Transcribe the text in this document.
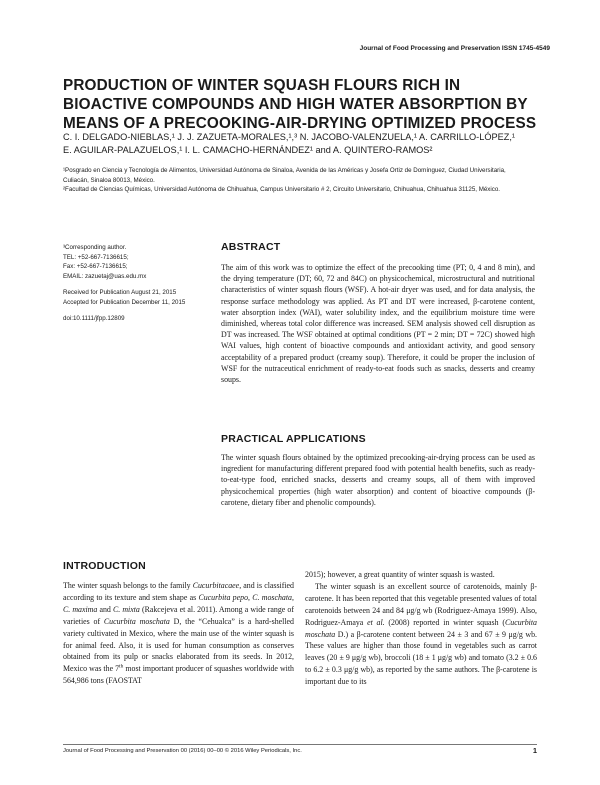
Journal of Food Processing and Preservation ISSN 1745-4549
PRODUCTION OF WINTER SQUASH FLOURS RICH IN BIOACTIVE COMPOUNDS AND HIGH WATER ABSORPTION BY MEANS OF A PRECOOKING-AIR-DRYING OPTIMIZED PROCESS
C. I. DELGADO-NIEBLAS,¹ J. J. ZAZUETA-MORALES,¹,³ N. JACOBO-VALENZUELA,¹ A. CARRILLO-LÓPEZ,¹
E. AGUILAR-PALAZUELOS,¹ I. L. CAMACHO-HERNÁNDEZ¹ and A. QUINTERO-RAMOS²

¹Posgrado en Ciencia y Tecnología de Alimentos, Universidad Autónoma de Sinaloa, Avenida de las Américas y Josefa Ortiz de Domínguez, Ciudad Universitaria, Culiacán, Sinaloa 80013, México.

²Facultad de Ciencias Químicas, Universidad Autónoma de Chihuahua, Campus Universitario # 2, Circuito Universitario, Chihuahua, Chihuahua 31125, México.

³Corresponding author.

TEL: +52-667-7136615;

Fax: +52-667-7136615;

EMAIL: zazuetaj@uas.edu.mx

Received for Publication August 21, 2015

Accepted for Publication December 11, 2015

doi:10.1111/jfpp.12809

ABSTRACT
The aim of this work was to optimize the effect of the precooking time (PT; 0, 4 and 8 min), and the drying temperature (DT; 60, 72 and 84C) on physicochemical, microstructural and nutritional characteristics of winter squash flours (WSF). A hot-air dryer was used, and for data analysis, the response surface methodology was applied. As PT and DT were increased, β-carotene content, water absorption index (WAI), water solubility index, and the equilibrium moisture time were diminished, whereas total color difference was increased. SEM analysis showed cell disruption as DT was increased. The WSF obtained at optimal conditions (PT = 2 min; DT = 72C) showed high WAI values, high content of bioactive compounds and antioxidant activity, and good sensory acceptability of a prepared product (creamy soup). Therefore, it could be proper the inclusion of WSF for the nutraceutical enrichment of ready-to-eat foods such as snacks, desserts and creamy soups.
PRACTICAL APPLICATIONS
The winter squash flours obtained by the optimized precooking-air-drying process can be used as ingredient for manufacturing different prepared food with potential health benefits, such as ready-to-eat-type food, enriched snacks, desserts and creamy soups, all of them with improved physicochemical properties (high water absorption) and content of bioactive compounds (β-carotene, dietary fiber and phenolic compounds).
INTRODUCTION

The winter squash belongs to the family Cucurbitacaee, and is classified according to its texture and stem shape as Cucurbita pepo, C. moschata, C. maxima and C. mixta (Rakcejeva et al. 2011). Among a wide range of varieties of Cucurbita moschata D, the “Cehualca” is a hard-shelled variety cultivated in Mexico, where the main use of the winter squash is for animal feed. Also, it is used for human consumption as conserves obtained from its pulp or snacks elaborated from its seeds. In 2012, Mexico was the 7th most important producer of squashes worldwide with 564,986 tons (FAOSTAT

2015); however, a great quantity of winter squash is wasted.

The winter squash is an excellent source of carotenoids, mainly β-carotene. It has been reported that this vegetable presented values of total carotenoids between 24 and 84 μg/g wb (Rodriguez-Amaya 1999). Also, Rodriguez-Amaya et al. (2008) reported in winter squash (Cucurbita moschata D.) a β-carotene content between 24 ± 3 and 67 ± 9 μg/g wb. These values are higher than those found in vegetables such as carrot leaves (20 ± 9 μg/g wb), broccoli (18 ± 1 μg/g wb) and tomato (3.2 ± 0.6 to 6.2 ± 0.3 μg/g wb), as reported by the same authors. The β-carotene is important due to its

Journal of Food Processing and Preservation 00 (2016) 00–00 © 2016 Wiley Periodicals, Inc.	1
